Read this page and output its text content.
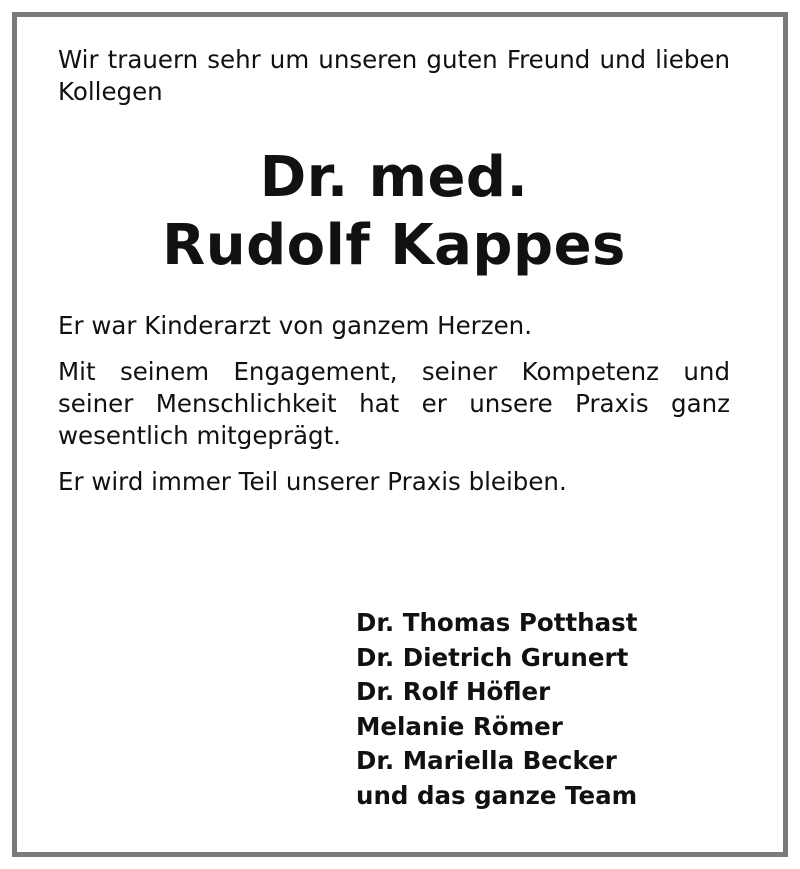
Wir trauern sehr um unseren guten Freund und lieben Kollegen

Dr. med.
Rudolf Kappes

Er war Kinderarzt von ganzem Herzen.

Mit seinem Engagement, seiner Kompetenz und seiner Menschlichkeit hat er unsere Praxis ganz wesentlich mitgeprägt.

Er wird immer Teil unserer Praxis bleiben.

Dr. Thomas Potthast
Dr. Dietrich Grunert
Dr. Rolf Höfler
Melanie Römer
Dr. Mariella Becker
und das ganze Team
